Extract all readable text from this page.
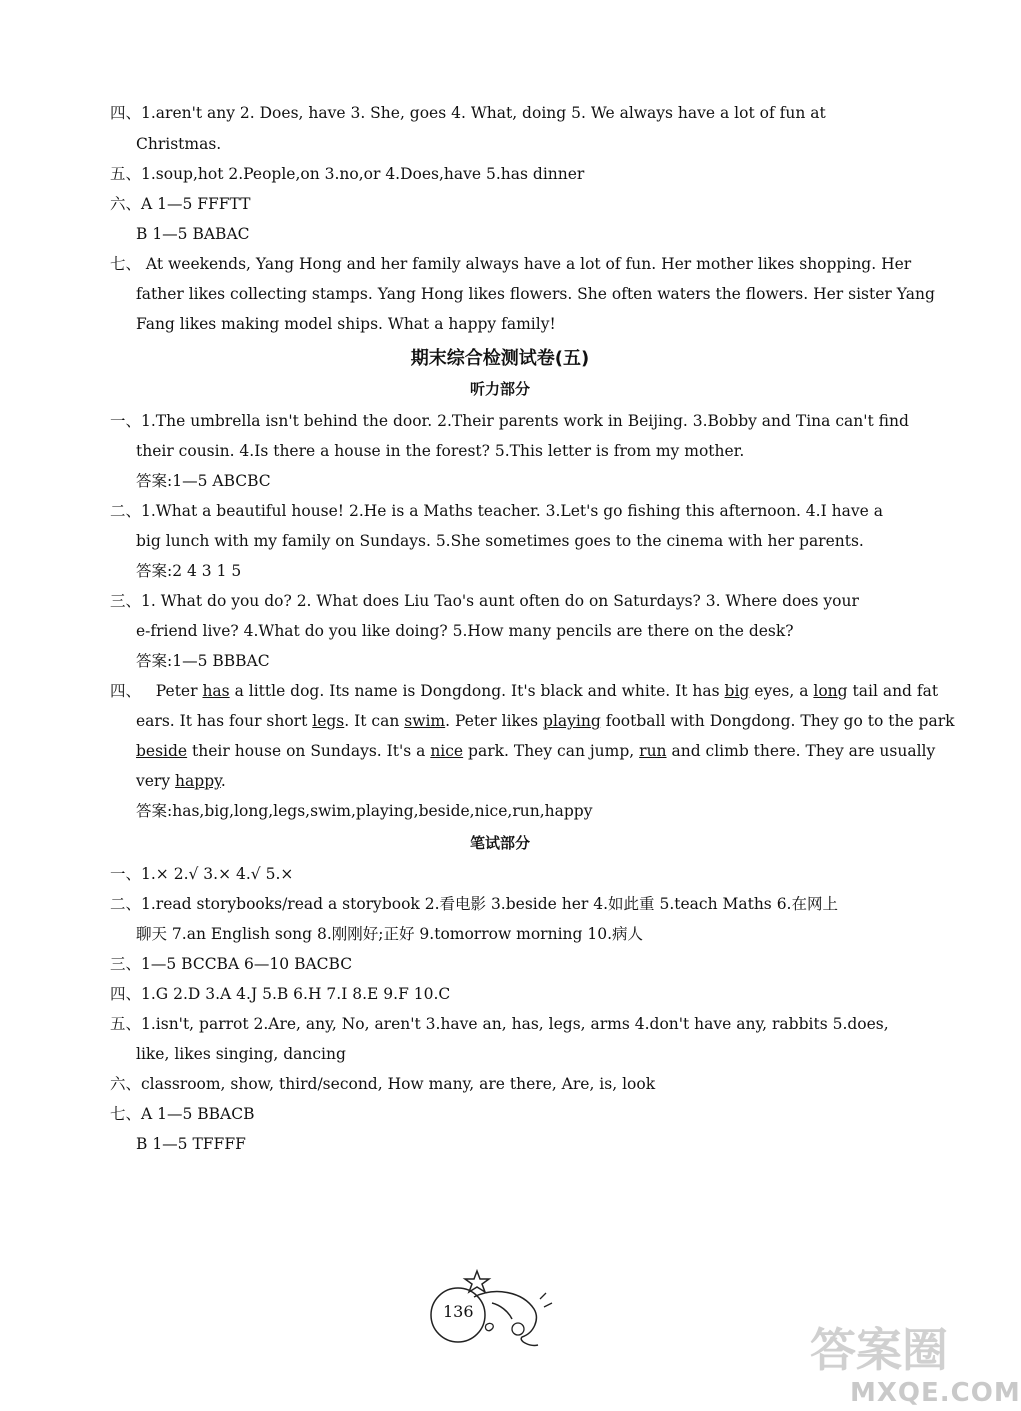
四、1.aren't any 2. Does, have 3. She, goes 4. What, doing 5. We always have a lot of fun at
Christmas.
五、1.soup,hot 2.People,on 3.no,or 4.Does,have 5.has dinner
六、A 1—5 FFFTT
B 1—5 BABAC
七、 At weekends, Yang Hong and her family always have a lot of fun. Her mother likes shopping. Her
father likes collecting stamps. Yang Hong likes flowers. She often waters the flowers. Her sister Yang
Fang likes making model ships. What a happy family!
期末综合检测试卷(五)
听力部分
一、1.The umbrella isn't behind the door. 2.Their parents work in Beijing. 3.Bobby and Tina can't find
their cousin. 4.Is there a house in the forest? 5.This letter is from my mother.
答案:1—5 ABCBC
二、1.What a beautiful house! 2.He is a Maths teacher. 3.Let's go fishing this afternoon. 4.I have a
big lunch with my family on Sundays. 5.She sometimes goes to the cinema with her parents.
答案:2 4 3 1 5
三、1. What do you do? 2. What does Liu Tao's aunt often do on Saturdays? 3. Where does your
e-friend live? 4.What do you like doing? 5.How many pencils are there on the desk?
答案:1—5 BBBAC
四、 Peter has a little dog. Its name is Dongdong. It's black and white. It has big eyes, a long tail and fat
ears. It has four short legs. It can swim. Peter likes playing football with Dongdong. They go to the park
beside their house on Sundays. It's a nice park. They can jump, run and climb there. They are usually
very happy.
答案:has,big,long,legs,swim,playing,beside,nice,run,happy
笔试部分
一、1.× 2.√ 3.× 4.√ 5.×
二、1.read storybooks/read a storybook 2.看电影 3.beside her 4.如此重 5.teach Maths 6.在网上
聊天 7.an English song 8.刚刚好;正好 9.tomorrow morning 10.病人
三、1—5 BCCBA 6—10 BACBC
四、1.G 2.D 3.A 4.J 5.B 6.H 7.I 8.E 9.F 10.C
五、1.isn't, parrot 2.Are, any, No, aren't 3.have an, has, legs, arms 4.don't have any, rabbits 5.does,
like, likes singing, dancing
六、classroom, show, third/second, How many, are there, Are, is, look
七、A 1—5 BBACB
B 1—5 TFFFF
136
答案圈
MXQE.COM
